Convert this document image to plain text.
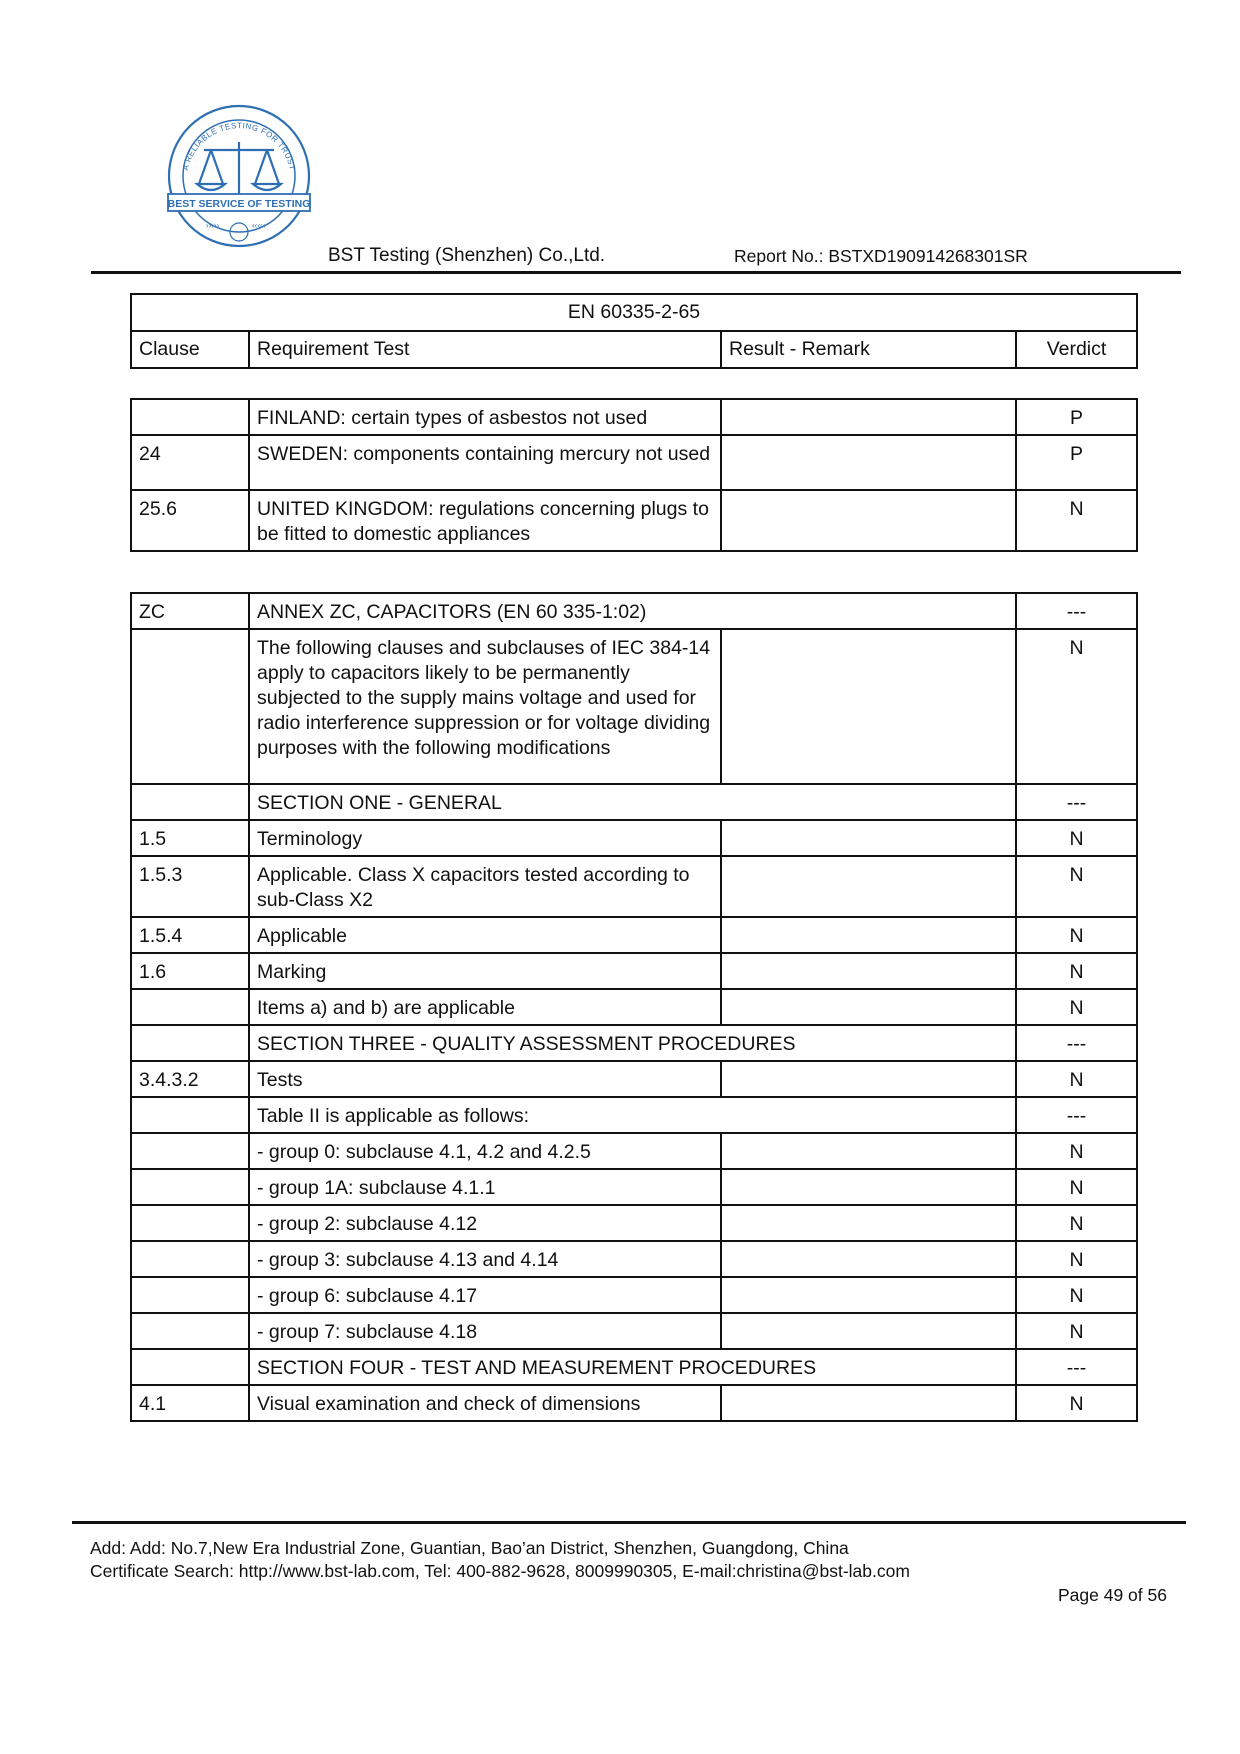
BEST SERVICE OF TESTING
A RELIABLE TESTING FOR TRUST
›››››	‹‹‹‹‹
BST Testing (Shenzhen) Co.,Ltd.	Report No.: BSTXD190914268301SR
EN 60335-2-65
Clause	Requirement Test	Result - Remark	Verdict
	FINLAND: certain types of asbestos not used		P
24	SWEDEN: components containing mercury not used		P
25.6	UNITED KINGDOM: regulations concerning plugs to be fitted to domestic appliances		N
ZC	ANNEX ZC, CAPACITORS (EN 60 335-1:02)		---
	The following clauses and subclauses of IEC 384-14 apply to capacitors likely to be permanently subjected to the supply mains voltage and used for radio interference suppression or for voltage dividing purposes with the following modifications		N
	SECTION ONE - GENERAL		---
1.5	Terminology		N
1.5.3	Applicable. Class X capacitors tested according to sub-Class X2		N
1.5.4	Applicable		N
1.6	Marking		N
	Items a) and b) are applicable		N
	SECTION THREE - QUALITY ASSESSMENT PROCEDURES		---
3.4.3.2	Tests		N
	Table II is applicable as follows:		---
	- group 0: subclause 4.1, 4.2 and 4.2.5		N
	- group 1A: subclause 4.1.1		N
	- group 2: subclause 4.12		N
	- group 3: subclause 4.13 and 4.14		N
	- group 6: subclause 4.17		N
	- group 7: subclause 4.18		N
	SECTION FOUR - TEST AND MEASUREMENT PROCEDURES		---
4.1	Visual examination and check of dimensions		N
Add: Add: No.7,New Era Industrial Zone, Guantian, Bao’an District, Shenzhen, Guangdong, China
Certificate Search: http://www.bst-lab.com, Tel: 400-882-9628, 8009990305, E-mail:christina@bst-lab.com
Page 49 of 56
